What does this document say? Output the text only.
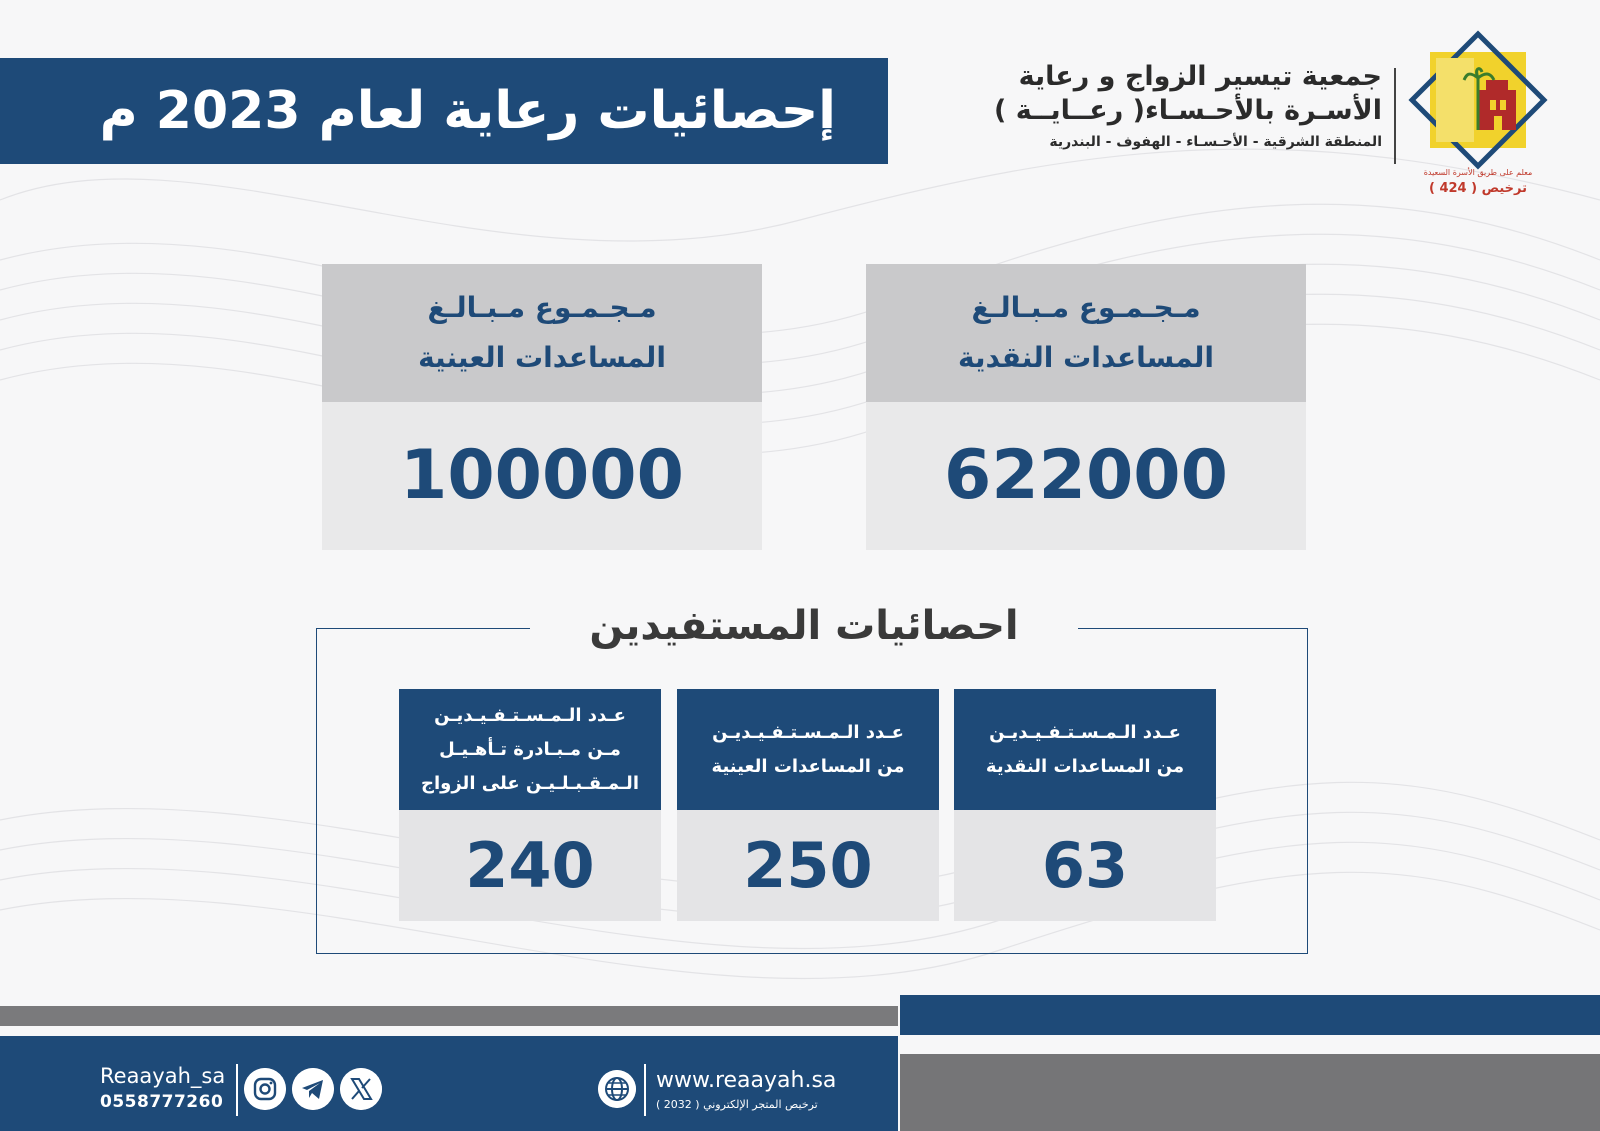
إحصائيات رعاية لعام 2023 م
جمعية تيسير الزواج و رعاية
الأسـرة بالأحـسـاء( رعــايــة )
المنطقة الشرقية - الأحـسـاء - الهفوف - البندرية
معلم على طريق الأسرة السعيدة
ترخيص ( 424 )
مـجـمـوع مـبـالـغ
المساعدات النقدية
622000
مـجـمـوع مـبـالـغ
المساعدات العينية
100000
احصائيات المستفيدين
عـدد الـمـسـتـفـيـديـن
من المساعدات النقدية
63
عـدد الـمـسـتـفـيـديـن
من المساعدات العينية
250
عـدد الـمـسـتـفـيـديـن
مـن مـبـادرة تـأهـيـل
الـمـقـبـلـيـن على الزواج
240
www.reaayah.sa
ترخيص المتجر الإلكتروني ( 2032 )
Reaayah_sa
0558777260
